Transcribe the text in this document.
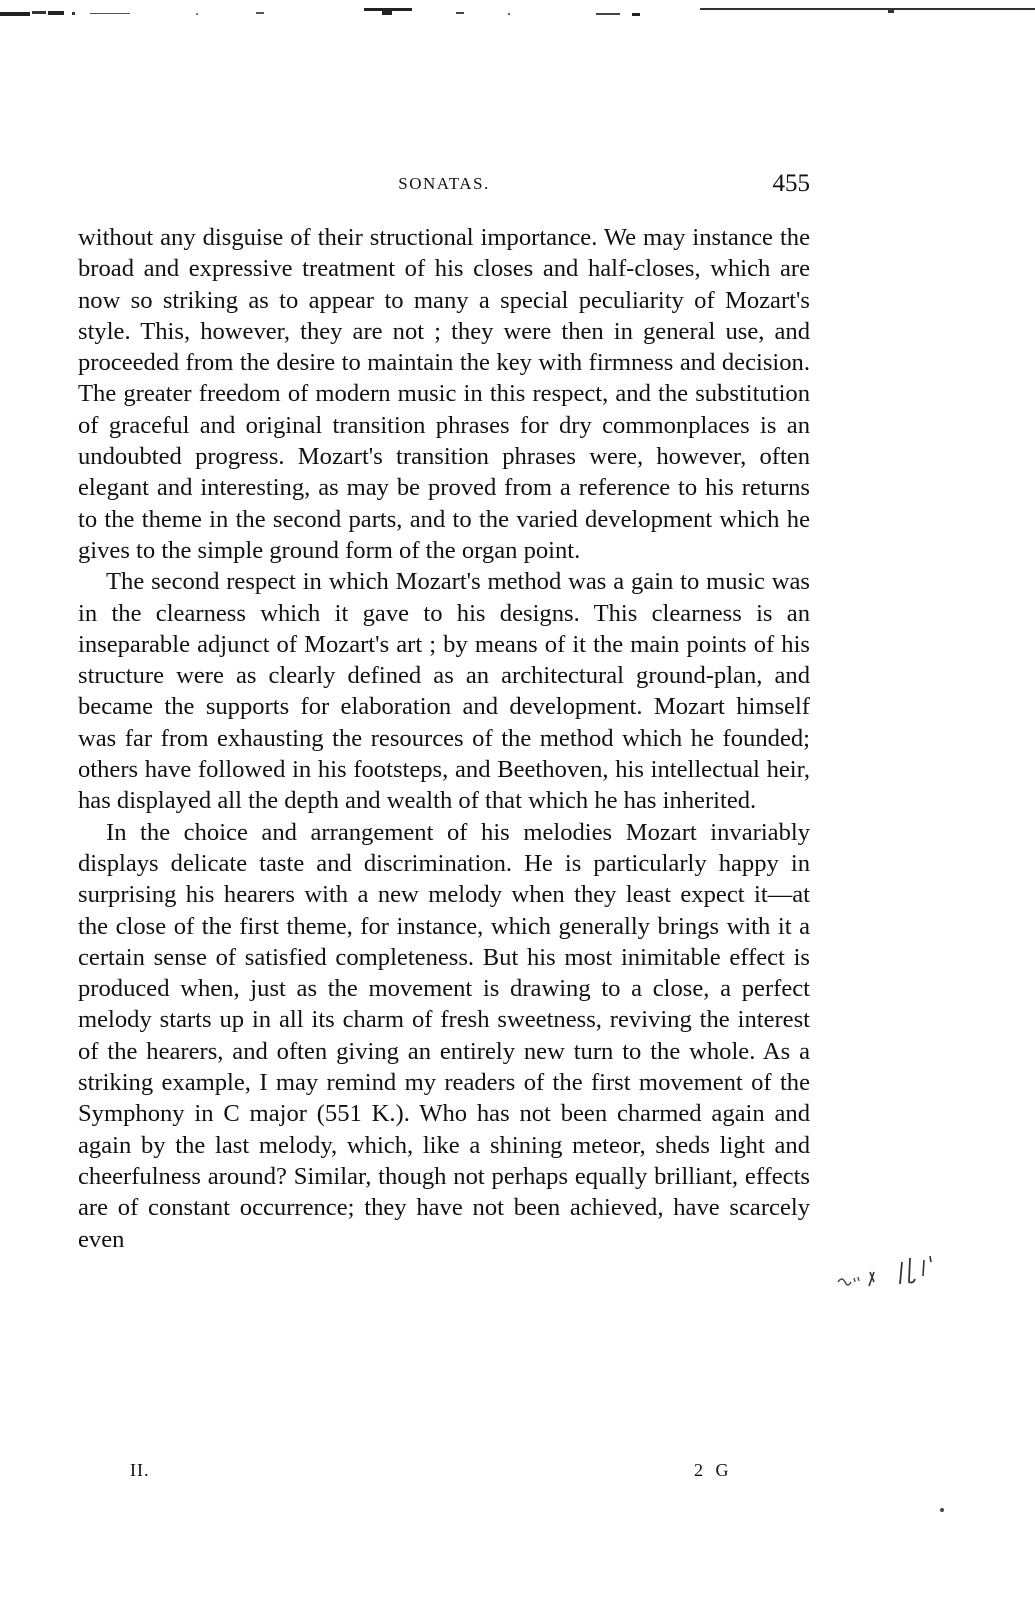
SONATAS.	455

without any disguise of their structional importance. We may instance the broad and expressive treatment of his closes and half-closes, which are now so striking as to appear to many a special peculiarity of Mozart's style. This, however, they are not ; they were then in general use, and proceeded from the desire to maintain the key with firmness and decision. The greater freedom of modern music in this respect, and the substitution of graceful and original transition phrases for dry commonplaces is an undoubted progress. Mozart's transition phrases were, however, often elegant and interesting, as may be proved from a reference to his returns to the theme in the second parts, and to the varied development which he gives to the simple ground form of the organ point.

The second respect in which Mozart's method was a gain to music was in the clearness which it gave to his designs. This clearness is an inseparable adjunct of Mozart's art ; by means of it the main points of his structure were as clearly defined as an architectural ground-plan, and became the supports for elaboration and development. Mozart himself was far from exhausting the resources of the method which he founded; others have followed in his footsteps, and Beethoven, his intellectual heir, has displayed all the depth and wealth of that which he has inherited.

In the choice and arrangement of his melodies Mozart invariably displays delicate taste and discrimination. He is particularly happy in surprising his hearers with a new melody when they least expect it—at the close of the first theme, for instance, which generally brings with it a certain sense of satisfied completeness. But his most inimitable effect is produced when, just as the movement is drawing to a close, a perfect melody starts up in all its charm of fresh sweetness, reviving the interest of the hearers, and often giving an entirely new turn to the whole. As a striking example, I may remind my readers of the first movement of the Symphony in C major (551 K.). Who has not been charmed again and again by the last melody, which, like a shining meteor, sheds light and cheerfulness around? Similar, though not perhaps equally brilliant, effects are of constant occurrence; they have not been achieved, have scarcely even

II.	2 G
